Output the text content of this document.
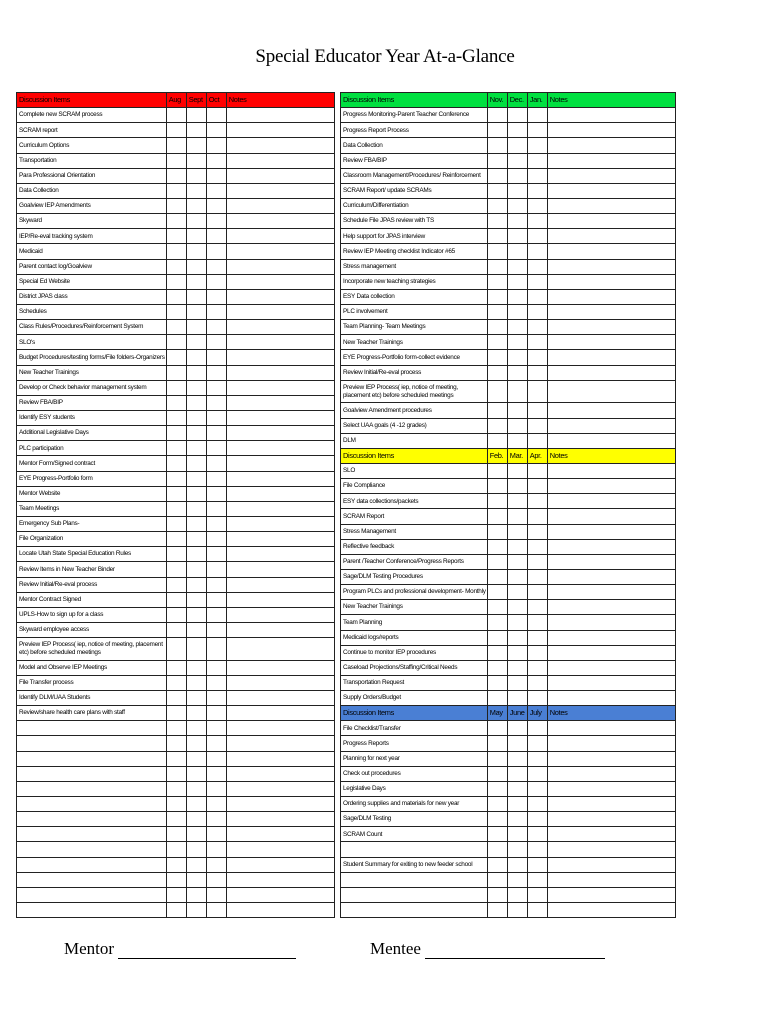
Special Educator Year At-a-Glance
Discussion Items	Aug	Sept	Oct	Notes
Complete new SCRAM process				
SCRAM report				
Curriculum Options				
Transportation				
Para Professional Orientation				
Data Collection				
Goalview IEP Amendments				
Skyward				
IEP/Re-eval tracking system				
Medicaid				
Parent contact log/Goalview				
Special Ed Website				
District JPAS class				
Schedules				
Class Rules/Procedures/Reinforcement System				
SLO's				
Budget Procedures/testing forms/File folders-Organizers				
New Teacher Trainings				
Develop or Check behavior management system				
Review FBA/BIP				
Identify ESY students				
Additional Legislative Days				
PLC participation				
Mentor Form/Signed contract				
EYE Progress-Portfolio form				
Mentor Website				
Team Meetings				
Emergency Sub Plans-				
File Organization				
Locate Utah State Special Education Rules				
Review Items in New Teacher Binder				
Review Initial/Re-eval process				
Mentor Contract Signed				
UPLS-How to sign up for a class				
Skyward employee access				
Preview IEP Process( iep, notice of meeting, placement etc) before scheduled meetings				
Model and Observe IEP Meetings				
File Transfer process				
Identify DLM/UAA Students				
Review/share health care plans with staff				

Discussion Items	Nov.	Dec.	Jan.	Notes
Progress Monitoring-Parent Teacher Conference				
Progress Report Process				
Data Collection				
Review FBA/BIP				
Classroom Management/Procedures/ Reinforcement				
SCRAM Report/ update SCRAMs				
Curriculum/Differentiation				
Schedule File JPAS review with TS				
Help support for JPAS interview				
Review IEP Meeting checklist Indicator #65				
Stress management				
Incorporate new teaching strategies				
ESY Data collection				
PLC involvement				
Team Planning- Team Meetings				
New Teacher Trainings				
EYE Progress-Portfolio form-collect evidence				
Review Initial/Re-eval process				
Preview IEP Process( iep, notice of meeting, placement etc) before scheduled meetings				
Goalview Amendment procedures				
Select UAA goals (4 -12 grades)				
DLM				
Discussion Items	Feb.	Mar.	Apr.	Notes
SLO				
File Compliance				
ESY data collections/packets				
SCRAM Report				
Stress Management				
Reflective feedback				
Parent /Teacher Conference/Progress Reports				
Sage/DLM Testing Procedures				
Program PLCs and professional development- Monthly				
New Teacher Trainings				
Team Planning				
Medicaid logs/reports				
Continue to monitor IEP procedures				
Caseload Projections/Staffing/Critical Needs				
Transportation Request				
Supply Orders/Budget				
Discussion Items	May	June	July	Notes
File Checklist/Transfer				
Progress Reports				
Planning for next year				
Check out procedures				
Legislative Days				
Ordering supplies and materials for new year				
Sage/DLM Testing				
SCRAM Count				

Student Summary for exiting to new feeder school				

Mentor	Mentee
